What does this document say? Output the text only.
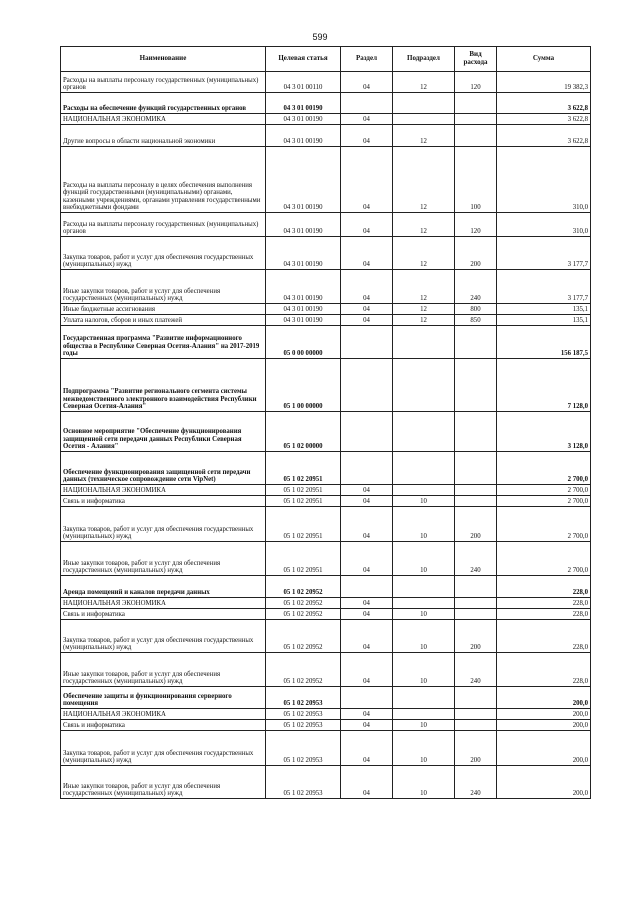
599
Наименование	Целевая статья	Раздел	Подраздел	Вид расхода	Сумма
Расходы на выплаты персоналу государственных (муниципальных) органов	04 3 01 00110	04	12	120	19 382,3
Расходы на обеспечение функций государственных органов	04 3 01 00190				3 622,8
НАЦИОНАЛЬНАЯ ЭКОНОМИКА	04 3 01 00190	04			3 622,8
Другие вопросы в области национальной экономики	04 3 01 00190	04	12		3 622,8
Расходы на выплаты персоналу в целях обеспечения выполнения функций государственными (муниципальными) органами, казенными учреждениями, органами управления государственными внебюджетными фондами	04 3 01 00190	04	12	100	310,0
Расходы на выплаты персоналу государственных (муниципальных) органов	04 3 01 00190	04	12	120	310,0
Закупка товаров, работ и услуг для обеспечения государственных (муниципальных) нужд	04 3 01 00190	04	12	200	3 177,7
Иные закупки товаров, работ и услуг для обеспечения государственных (муниципальных) нужд	04 3 01 00190	04	12	240	3 177,7
Иные бюджетные ассигнования	04 3 01 00190	04	12	800	135,1
Уплата налогов, сборов и иных платежей	04 3 01 00190	04	12	850	135,1
Государственная программа "Развитие информационного общества в Республике Северная Осетия-Алания" на 2017-2019 годы	05 0 00 00000				156 187,5
Подпрограмма "Развитие регионального сегмента системы межведомственного электронного взаимодействия Республики Северная Осетия-Алания"	05 1 00 00000				7 128,0
Основное мероприятие "Обеспечение функционирования защищенной сети передачи данных Республики Северная Осетия - Алания"	05 1 02 00000				3 128,0
Обеспечение функционирования защищенной сети передачи данных (техническое сопровождение сети VipNet)	05 1 02 20951				2 700,0
НАЦИОНАЛЬНАЯ ЭКОНОМИКА	05 1 02 20951	04			2 700,0
Связь и информатика	05 1 02 20951	04	10		2 700,0
Закупка товаров, работ и услуг для обеспечения государственных (муниципальных) нужд	05 1 02 20951	04	10	200	2 700,0
Иные закупки товаров, работ и услуг для обеспечения государственных (муниципальных) нужд	05 1 02 20951	04	10	240	2 700,0
Аренда помещений и каналов передачи данных	05 1 02 20952				228,0
НАЦИОНАЛЬНАЯ ЭКОНОМИКА	05 1 02 20952	04			228,0
Связь и информатика	05 1 02 20952	04	10		228,0
Закупка товаров, работ и услуг для обеспечения государственных (муниципальных) нужд	05 1 02 20952	04	10	200	228,0
Иные закупки товаров, работ и услуг для обеспечения государственных (муниципальных) нужд	05 1 02 20952	04	10	240	228,0
Обеспечение защиты и функционирования серверного помещения	05 1 02 20953				200,0
НАЦИОНАЛЬНАЯ ЭКОНОМИКА	05 1 02 20953	04			200,0
Связь и информатика	05 1 02 20953	04	10		200,0
Закупка товаров, работ и услуг для обеспечения государственных (муниципальных) нужд	05 1 02 20953	04	10	200	200,0
Иные закупки товаров, работ и услуг для обеспечения государственных (муниципальных) нужд	05 1 02 20953	04	10	240	200,0
